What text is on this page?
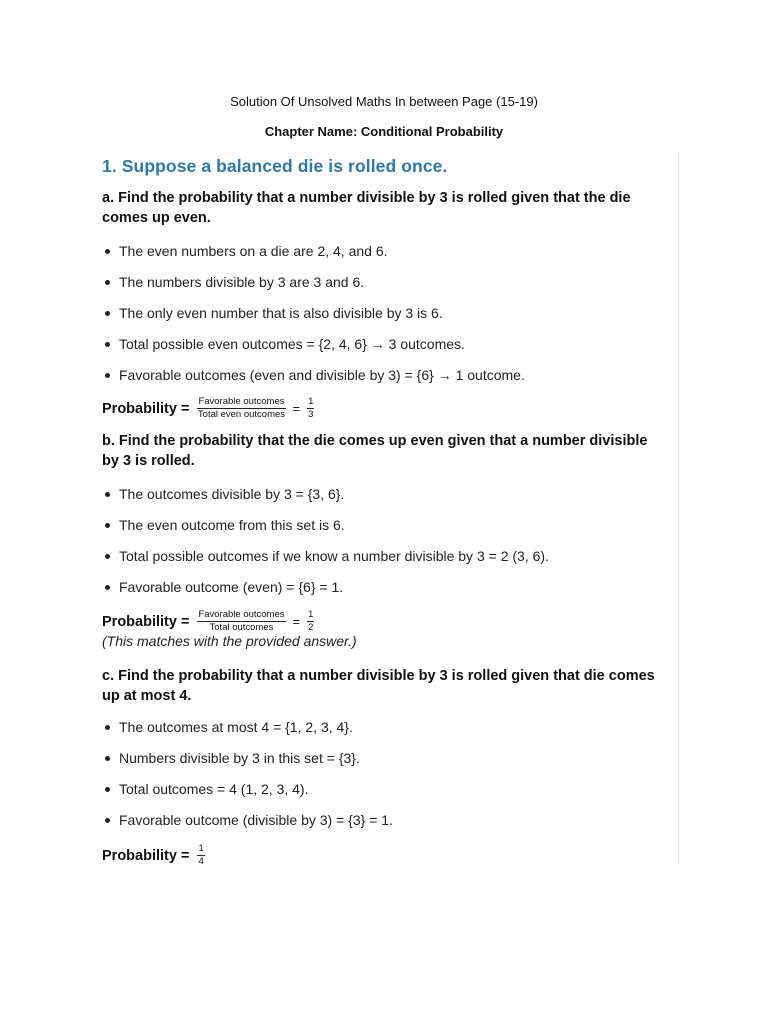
Solution Of Unsolved Maths In between Page (15-19)
Chapter Name: Conditional Probability
1. Suppose a balanced die is rolled once.
a. Find the probability that a number divisible by 3 is rolled given that the die comes up even.
The even numbers on a die are 2, 4, and 6.
The numbers divisible by 3 are 3 and 6.
The only even number that is also divisible by 3 is 6.
Total possible even outcomes = {2, 4, 6} → 3 outcomes.
Favorable outcomes (even and divisible by 3) = {6} → 1 outcome.
Probability = $\frac{\text{Favorable outcomes}}{\text{Total even outcomes}} = \frac{1}{3}$
b. Find the probability that the die comes up even given that a number divisible by 3 is rolled.
The outcomes divisible by 3 = {3, 6}.
The even outcome from this set is 6.
Total possible outcomes if we know a number divisible by 3 = 2 (3, 6).
Favorable outcome (even) = {6} = 1.
Probability = $\frac{\text{Favorable outcomes}}{\text{Total outcomes}} = \frac{1}{2}$
(This matches with the provided answer.)
c. Find the probability that a number divisible by 3 is rolled given that die comes up at most 4.
The outcomes at most 4 = {1, 2, 3, 4}.
Numbers divisible by 3 in this set = {3}.
Total outcomes = 4 (1, 2, 3, 4).
Favorable outcome (divisible by 3) = {3} = 1.
Probability = $\frac{1}{4}$
